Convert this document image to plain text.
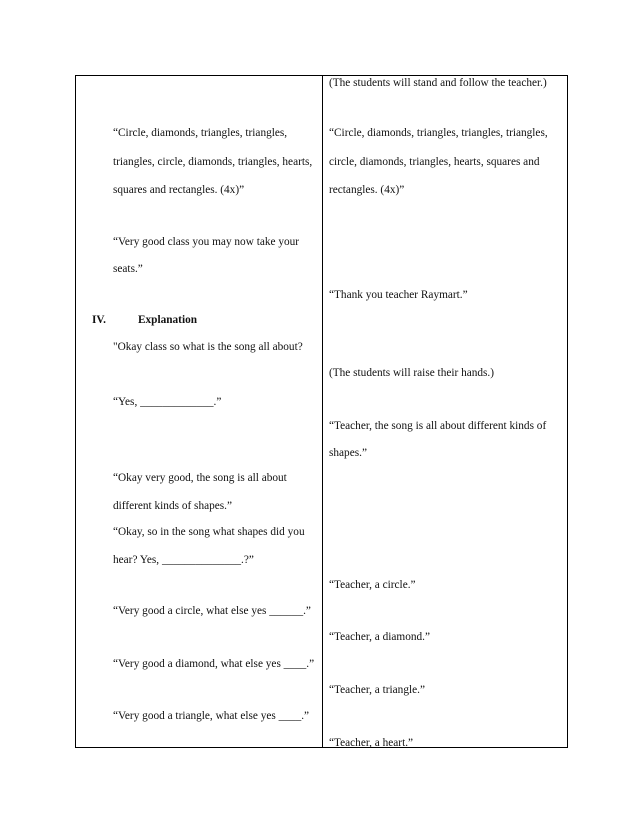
“Circle, diamonds, triangles, triangles,
triangles, circle, diamonds, triangles, hearts,
squares and rectangles. (4x)”
“Very good class you may now take your
seats.”
IV.	Explanation
"Okay class so what is the song all about?
“Yes, _____________.”
“Okay very good, the song is all about
different kinds of shapes.”
“Okay, so in the song what shapes did you
hear? Yes, ______________.?”
“Very good a circle, what else yes ______.”
“Very good a diamond, what else yes ____.”
“Very good a triangle, what else yes ____.”
(The students will stand and follow the teacher.)
“Circle, diamonds, triangles, triangles, triangles,
circle, diamonds, triangles, hearts, squares and
rectangles. (4x)”
“Thank you teacher Raymart.”
(The students will raise their hands.)
“Teacher, the song is all about different kinds of
shapes.”
“Teacher, a circle.”
“Teacher, a diamond.”
“Teacher, a triangle.”
“Teacher, a heart.”
